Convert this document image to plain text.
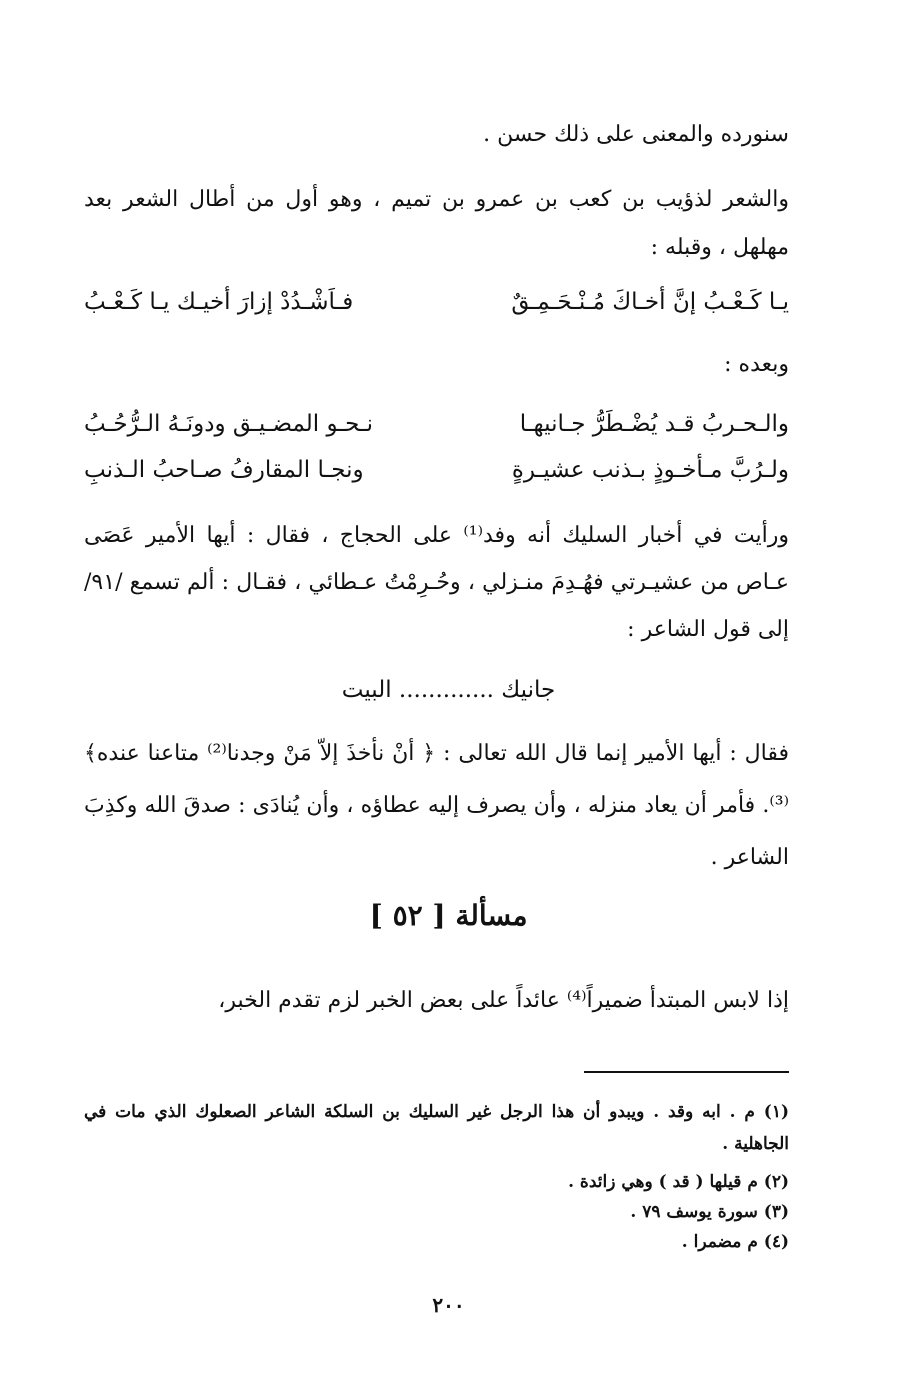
سنورده والمعنى على ذلك حسن .
والشعر لذؤيب بن كعب بن عمرو بن تميم ، وهو أول من أطال الشعر بعد مهلهل ، وقبله :
يـا كَـعْـبُ إنَّ أخـاكَ مُـنْـحَـمِـقٌ
فـاَشْـدُدْ إزارَ أخيـك يـا كَـعْـبُ
وبعده :
والـحـربُ قـد يُضْـطَرُّ جـانيهـا
نـحـو المضـيـق ودونَـهُ الـرُّحُـبُ
ولـرُبَّ مـأخـوذٍ بـذنب عشيـرةٍ
ونجـا المقارفُ صـاحبُ الـذنبِ
ورأيت في أخبار السليك أنه وفد⁽¹⁾ على الحجاج ، فقال : أيها الأمير عَصَى عـاص من عشيـرتي فهُـدِمَ منـزلي ، وحُـرِمْتُ عـطائي ، فقـال : ألم تسمع /٩١/ إلى قول الشاعر :
جانيك ............. البيت
فقال : أيها الأمير إنما قال الله تعالى : ﴿ أنْ نأخذَ إلاّ مَنْ وجدنا⁽²⁾ متاعنا عنده﴾⁽³⁾. فأمر أن يعاد منزله ، وأن يصرف إليه عطاؤه ، وأن يُنادَى : صدقَ الله وكذِبَ الشاعر .
مسألة [ ٥٢ ]
إذا لابس المبتدأ ضميراً⁽⁴⁾ عائداً على بعض الخبر لزم تقدم الخبر،
(١) م . ابه وقد . ويبدو أن هذا الرجل غير السليك بن السلكة الشاعر الصعلوك الذي مات في الجاهلية .
(٢) م قيلها ( قد ) وهي زائدة .
(٣) سورة يوسف ٧٩ .
(٤) م مضمرا .
٢٠٠
